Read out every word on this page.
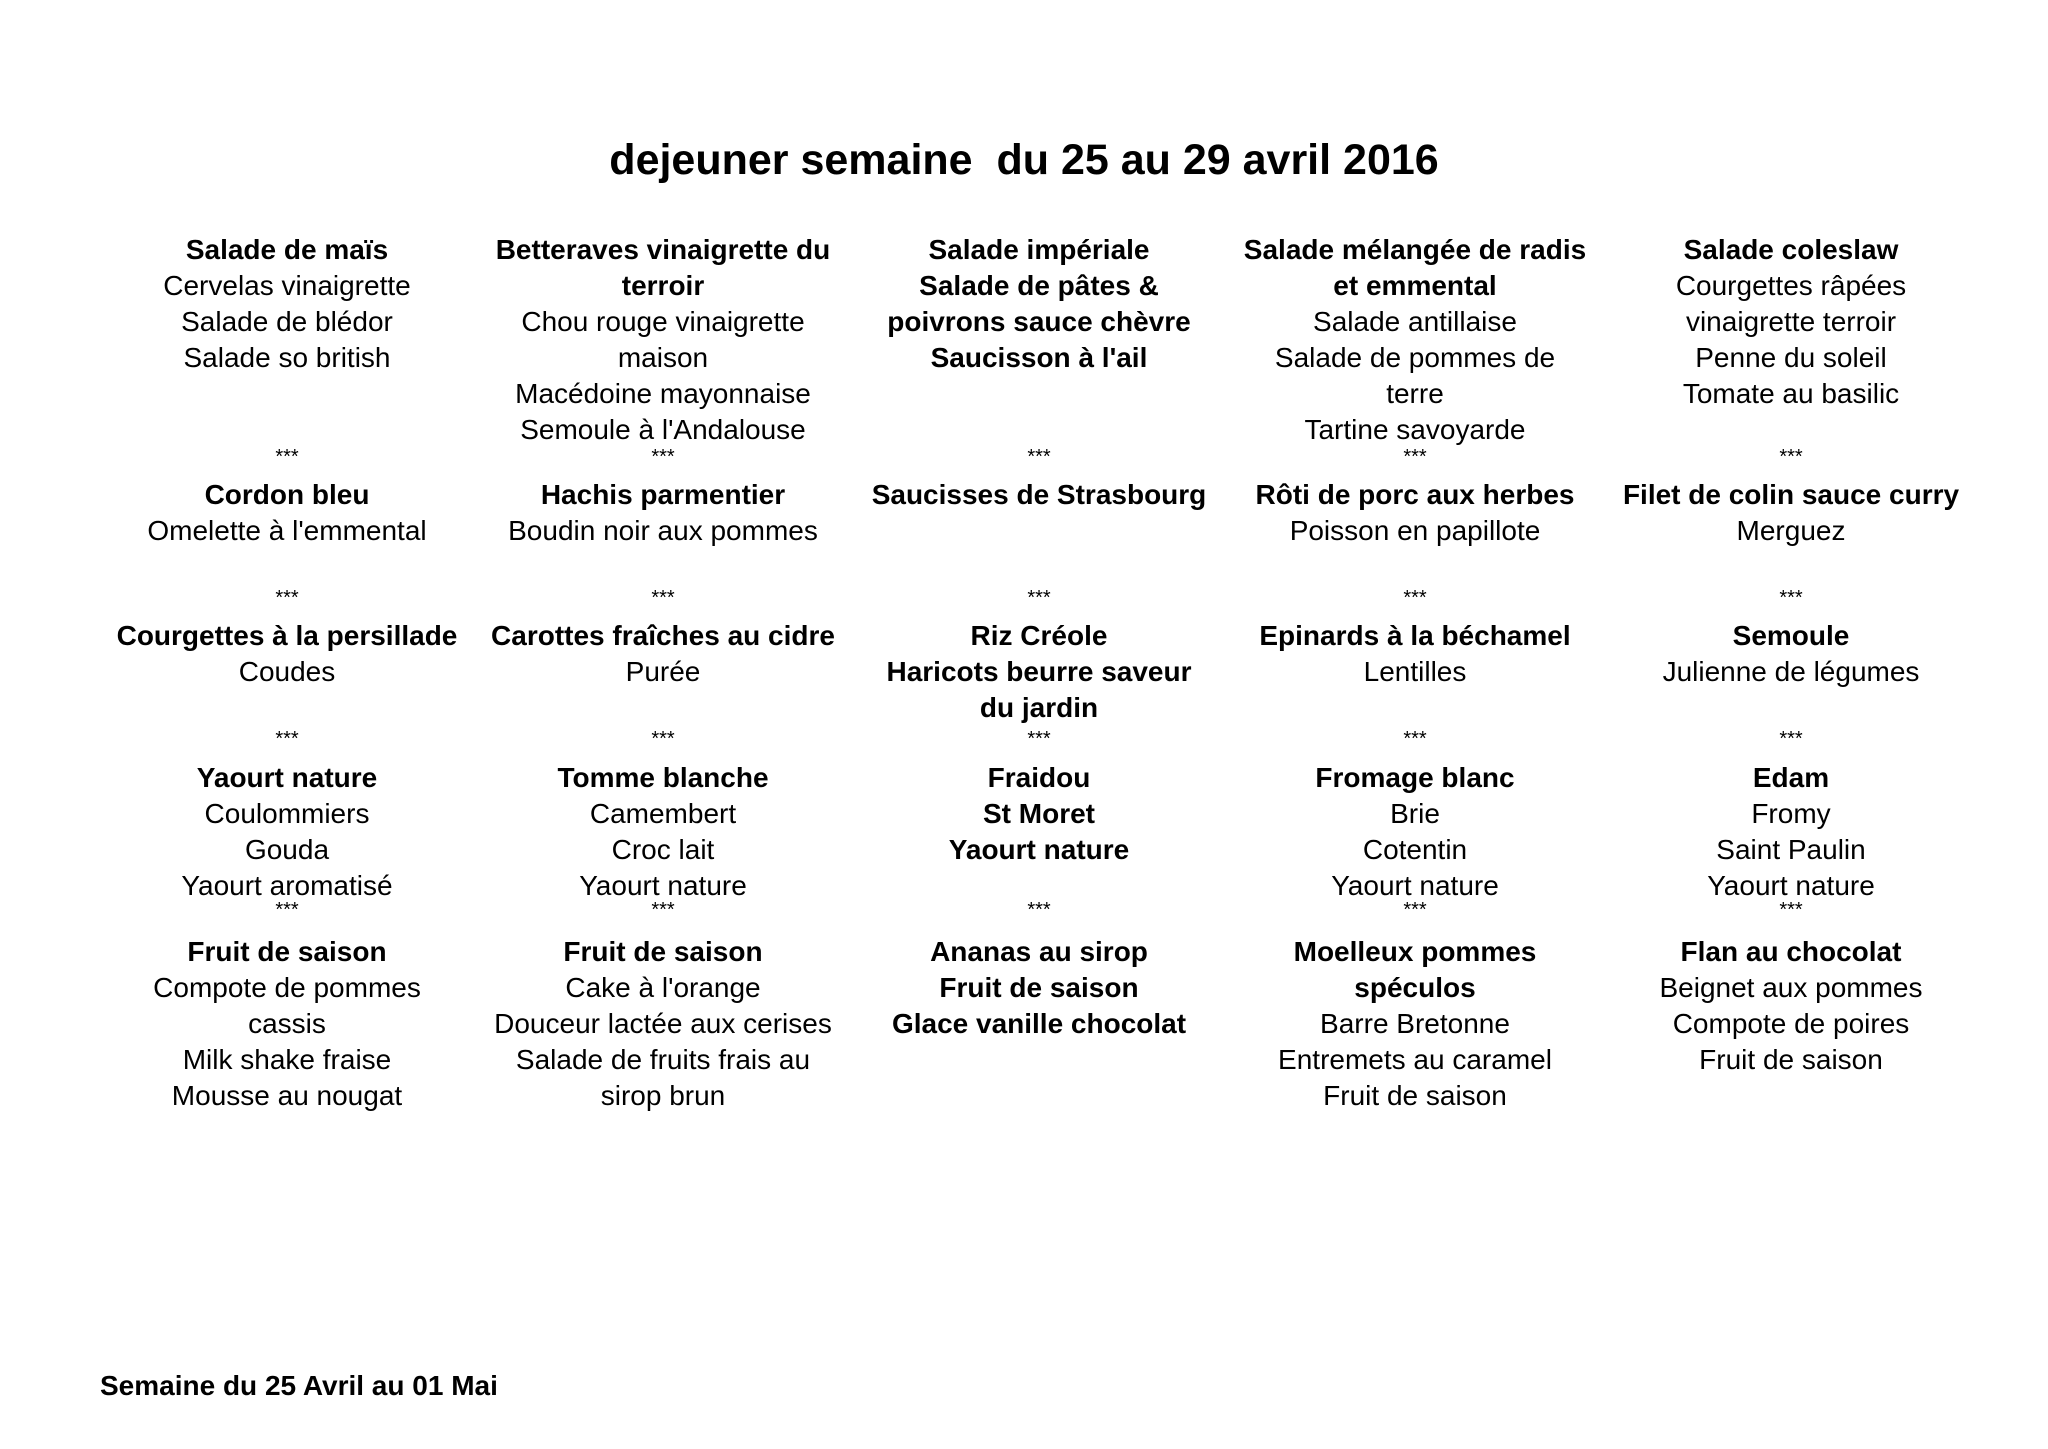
dejeuner semaine  du 25 au 29 avril 2016
Salade de maïs
Cervelas vinaigrette
Salade de blédor
Salade so british
***
Cordon bleu
Omelette à l'emmental
***
Courgettes à la persillade
Coudes
***
Yaourt nature
Coulommiers
Gouda
Yaourt aromatisé
***
Fruit de saison
Compote de pommes
cassis
Milk shake fraise
Mousse au nougat
Betteraves vinaigrette du
terroir
Chou rouge vinaigrette
maison
Macédoine mayonnaise
Semoule à l'Andalouse
***
Hachis parmentier
Boudin noir aux pommes
***
Carottes fraîches au cidre
Purée
***
Tomme blanche
Camembert
Croc lait
Yaourt nature
***
Fruit de saison
Cake à l'orange
Douceur lactée aux cerises
Salade de fruits frais au
sirop brun
Salade impériale
Salade de pâtes &
poivrons sauce chèvre
Saucisson à l'ail
***
Saucisses de Strasbourg
***
Riz Créole
Haricots beurre saveur
du jardin
***
Fraidou
St Moret
Yaourt nature
***
Ananas au sirop
Fruit de saison
Glace vanille chocolat
Salade mélangée de radis
et emmental
Salade antillaise
Salade de pommes de
terre
Tartine savoyarde
***
Rôti de porc aux herbes
Poisson en papillote
***
Epinards à la béchamel
Lentilles
***
Fromage blanc
Brie
Cotentin
Yaourt nature
***
Moelleux pommes
spéculos
Barre Bretonne
Entremets au caramel
Fruit de saison
Salade coleslaw
Courgettes râpées
vinaigrette terroir
Penne du soleil
Tomate au basilic
***
Filet de colin sauce curry
Merguez
***
Semoule
Julienne de légumes
***
Edam
Fromy
Saint Paulin
Yaourt nature
***
Flan au chocolat
Beignet aux pommes
Compote de poires
Fruit de saison
Semaine du 25 Avril au 01 Mai
